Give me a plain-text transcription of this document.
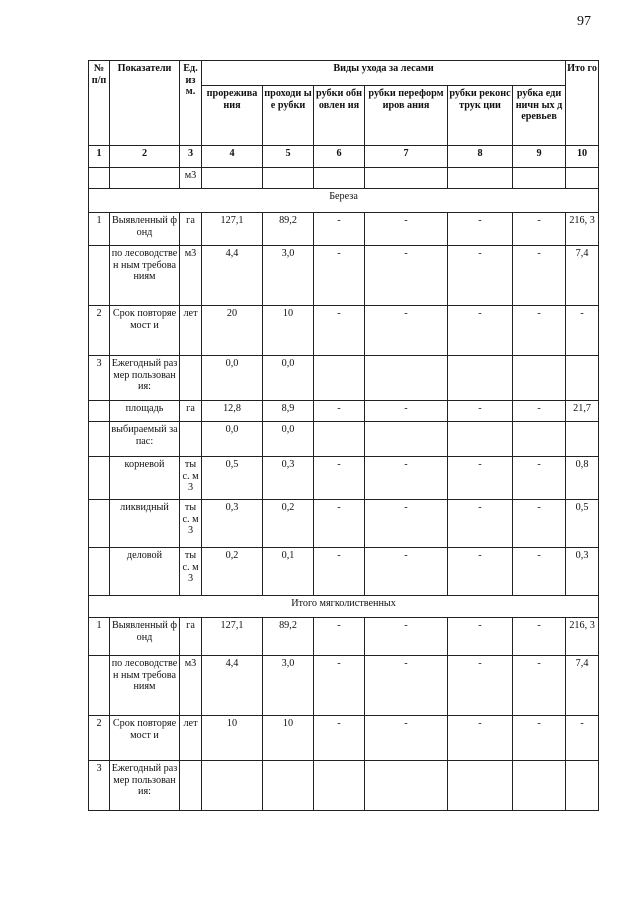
97
№ п/п	Показатели	Ед. из м.	Виды ухода за лесами						Ито го
			прорежива ния	проходи ые рубки	рубки обновлен ия	рубки переформиров ания	рубки реконструк ции	рубка единичн ых деревьев	
1	2	3	4	5	6	7	8	9	10
		м3							
Береза									
1	Выявленный фонд	га	127,1	89,2	-	-	-	-	216, 3
	по лесоводствен ным требованиям	м3	4,4	3,0	-	-	-	-	7,4
2	Срок повторяемост и	лет	20	10	-	-	-	-	-
3	Ежегодный размер пользования:		0,0	0,0					
	площадь	га	12,8	8,9	-	-	-	-	21,7
	выбираемый запас:		0,0	0,0					
	корневой	ты с. м3	0,5	0,3	-	-	-	-	0,8
	ликвидный	ты с. м3	0,3	0,2	-	-	-	-	0,5
	деловой	ты с. м3	0,2	0,1	-	-	-	-	0,3
Итого мягколиственных									
1	Выявленный фонд	га	127,1	89,2	-	-	-	-	216, 3
	по лесоводствен ным требованиям	м3	4,4	3,0	-	-	-	-	7,4
2	Срок повторяемост и	лет	10	10	-	-	-	-	-
3	Ежегодный размер пользования:								
